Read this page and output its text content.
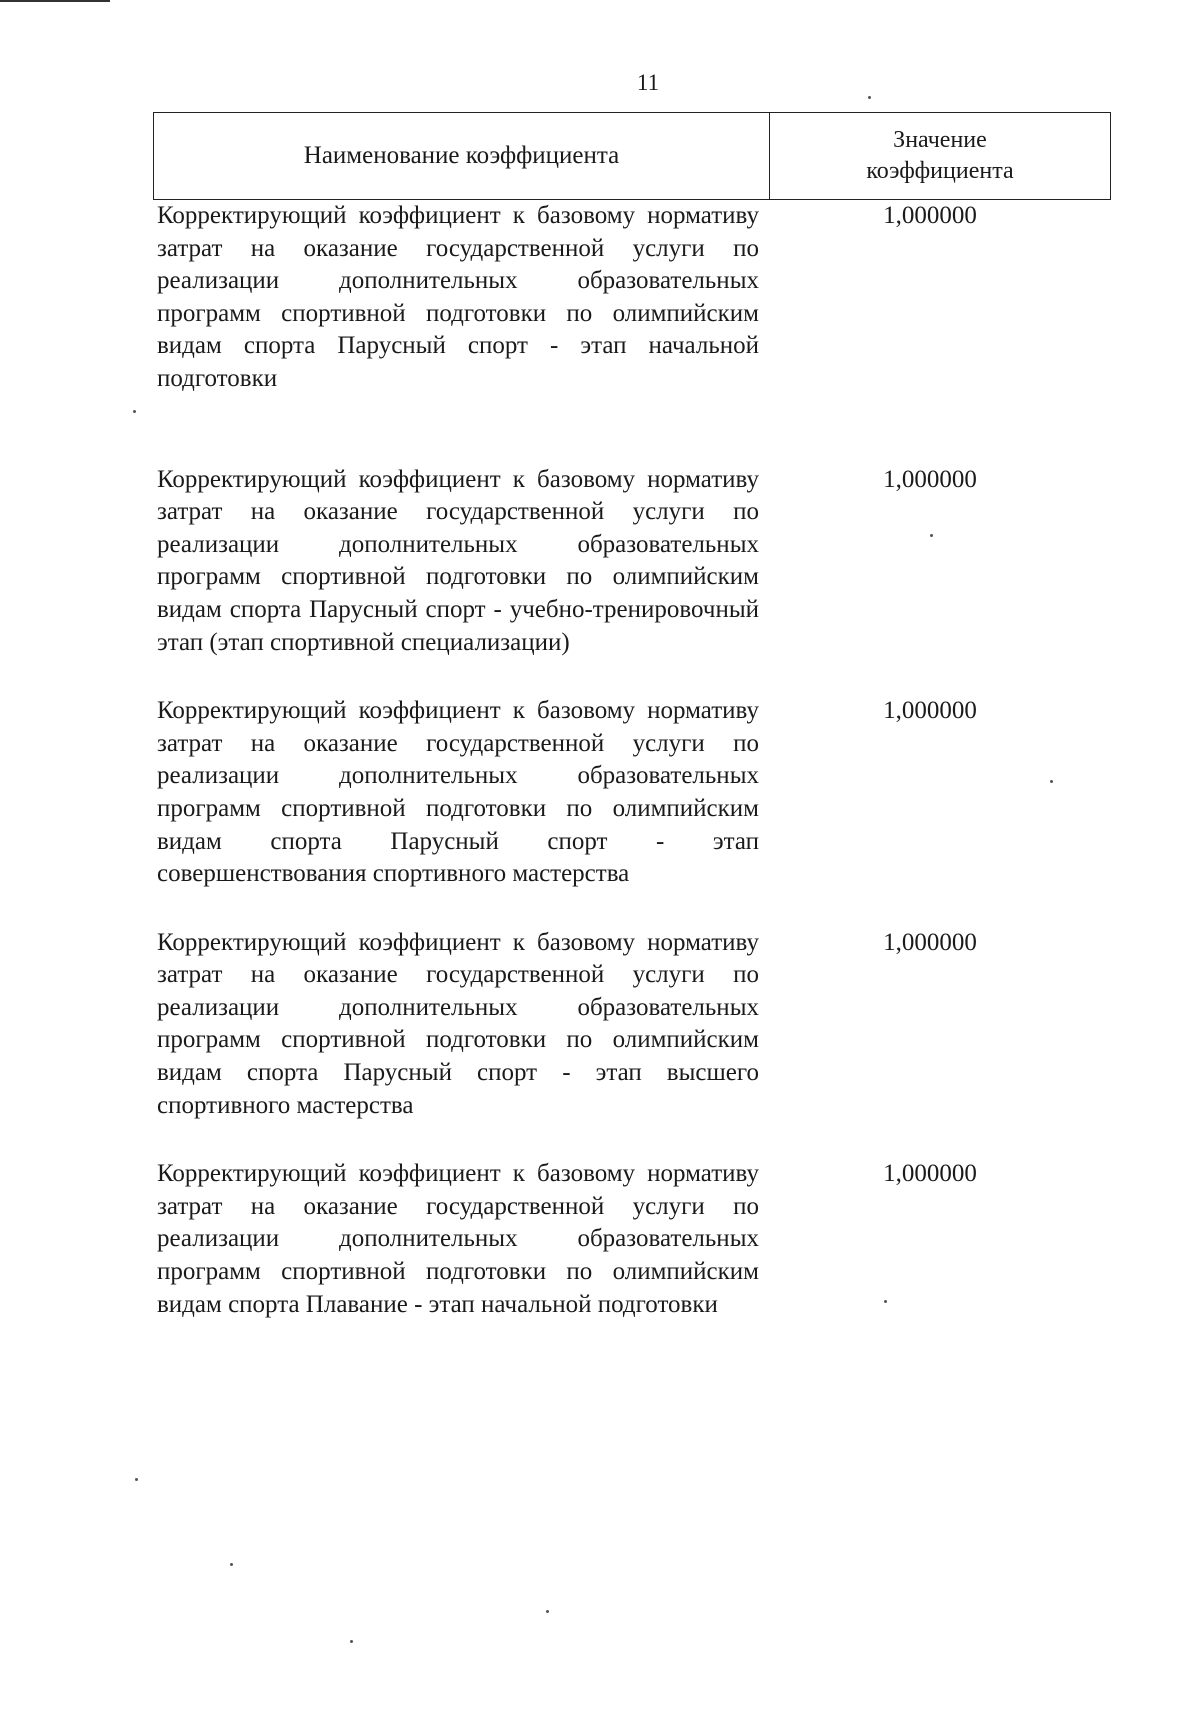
11
Наименование коэффициента
Значение
коэффициента
Корректирующий коэффициент к базовому нормативу затрат на оказание государственной услуги по реализации дополнительных образовательных программ спортивной подготовки по олимпийским видам спорта Парусный спорт - этап начальной подготовки
1,000000
Корректирующий коэффициент к базовому нормативу затрат на оказание государственной услуги по реализации дополнительных образовательных программ спортивной подготовки по олимпийским видам спорта Парусный спорт - учебно-тренировочный этап (этап спортивной специализации)
1,000000
Корректирующий коэффициент к базовому нормативу затрат на оказание государственной услуги по реализации дополнительных образовательных программ спортивной подготовки по олимпийским видам спорта Парусный спорт - этап совершенствования спортивного мастерства
1,000000
Корректирующий коэффициент к базовому нормативу затрат на оказание государственной услуги по реализации дополнительных образовательных программ спортивной подготовки по олимпийским видам спорта Парусный спорт - этап высшего спортивного мастерства
1,000000
Корректирующий коэффициент к базовому нормативу затрат на оказание государственной услуги по реализации дополнительных образовательных программ спортивной подготовки по олимпийским видам спорта Плавание - этап начальной подготовки
1,000000
